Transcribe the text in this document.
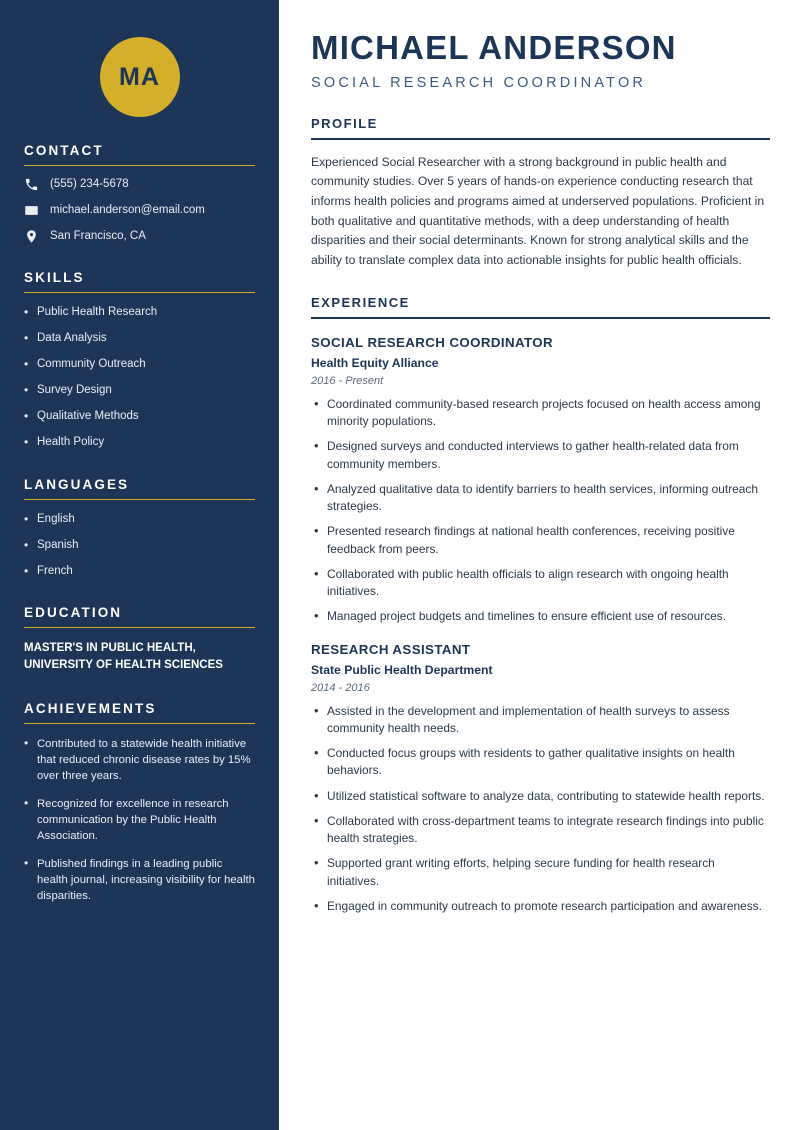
MA
CONTACT
(555) 234-5678
michael.anderson@email.com
San Francisco, CA
SKILLS
• Public Health Research
• Data Analysis
• Community Outreach
• Survey Design
• Qualitative Methods
• Health Policy
LANGUAGES
• English
• Spanish
• French
EDUCATION
MASTER'S IN PUBLIC HEALTH,
UNIVERSITY OF HEALTH SCIENCES
ACHIEVEMENTS
• Contributed to a statewide health initiative that reduced chronic disease rates by 15% over three years.
• Recognized for excellence in research communication by the Public Health Association.
• Published findings in a leading public health journal, increasing visibility for health disparities.
MICHAEL ANDERSON
SOCIAL RESEARCH COORDINATOR
PROFILE

Experienced Social Researcher with a strong background in public health and community studies. Over 5 years of hands-on experience conducting research that informs health policies and programs aimed at underserved populations. Proficient in both qualitative and quantitative methods, with a deep understanding of health disparities and their social determinants. Known for strong analytical skills and the ability to translate complex data into actionable insights for public health officials.

EXPERIENCE
SOCIAL RESEARCH COORDINATOR
Health Equity Alliance
2016 - Present
• Coordinated community-based research projects focused on health access among minority populations.
• Designed surveys and conducted interviews to gather health-related data from community members.
• Analyzed qualitative data to identify barriers to health services, informing outreach strategies.
• Presented research findings at national health conferences, receiving positive feedback from peers.
• Collaborated with public health officials to align research with ongoing health initiatives.
• Managed project budgets and timelines to ensure efficient use of resources.
RESEARCH ASSISTANT
State Public Health Department
2014 - 2016
• Assisted in the development and implementation of health surveys to assess community health needs.
• Conducted focus groups with residents to gather qualitative insights on health behaviors.
• Utilized statistical software to analyze data, contributing to statewide health reports.
• Collaborated with cross-department teams to integrate research findings into public health strategies.
• Supported grant writing efforts, helping secure funding for health research initiatives.
• Engaged in community outreach to promote research participation and awareness.
